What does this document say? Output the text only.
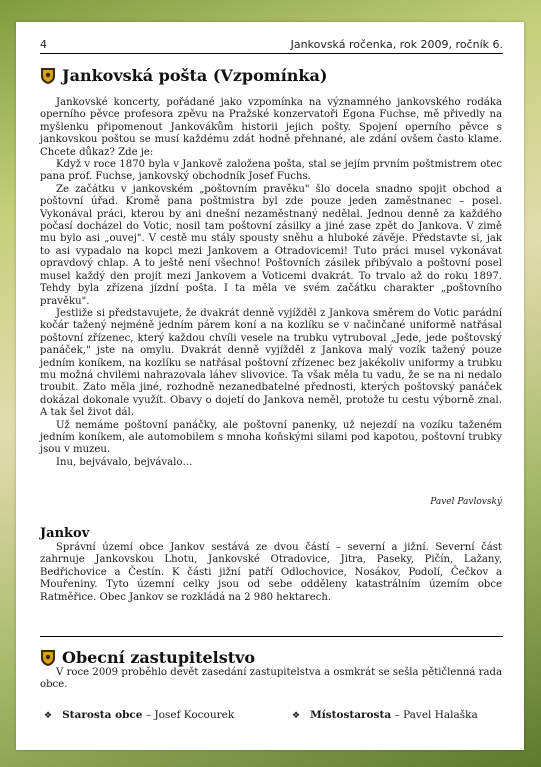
4	Jankovská ročenka, rok 2009, ročník 6.
Jankovská pošta (Vzpomínka)

Jankovské koncerty, pořádané jako vzpomínka na významného jankovského rodáka operního pěvce profesora zpěvu na Pražské konzervatoři Egona Fuchse, mě přivedly na myšlenku připomenout Jankovákům historii jejich pošty. Spojení operního pěvce s jankovskou poštou se musí každému zdát hodně přehnané, ale zdání ovšem často klame. Chcete důkaz? Zde je:

Když v roce 1870 byla v Jankově založena pošta, stal se jejím prvním poštmistrem otec pana prof. Fuchse, jankovský obchodník Josef Fuchs.

Ze začátku v jankovském „poštovním pravěku" šlo docela snadno spojit obchod a poštovní úřad. Kromě pana poštmistra byl zde pouze jeden zaměstnanec – posel. Vykonával práci, kterou by ani dnešní nezaměstnaný nedělal. Jednou denně za každého počasí docházel do Votic, nosil tam poštovní zásilky a jiné zase zpět do Jankova. V zimě mu bylo asi „ouvej". V cestě mu stály spousty sněhu a hluboké závěje. Představte si, jak to asi vypadalo na kopci mezi Jankovem a Otradovicemi! Tuto práci musel vykonávat opravdový chlap. A to ještě není všechno! Poštovních zásilek přibývalo a poštovní posel musel každý den projít mezi Jankovem a Voticemi dvakrát. To trvalo až do roku 1897. Tehdy byla zřízena jízdní pošta. I ta měla ve svém začátku charakter „poštovního pravěku".

Jestliže si představujete, že dvakrát denně vyjížděl z Jankova směrem do Votic parádní kočár tažený nejméně jedním párem koní a na kozlíku se v načinčané uniformě natřásal poštovní zřízenec, který každou chvíli vesele na trubku vytruboval „Jede, jede poštovský panáček," jste na omylu. Dvakrát denně vyjížděl z Jankova malý vozík tažený pouze jedním koníkem, na kozlíku se natřásal poštovní zřízenec bez jakékoliv uniformy a trubku mu možná chvilemi nahrazovala láhev slivovice. Ta však měla tu vadu, že se na ni nedalo troubit. Zato měla jiné, rozhodně nezanedbatelné přednosti, kterých poštovský panáček dokázal dokonale využít. Obavy o dojetí do Jankova neměl, protože tu cestu výborně znal. A tak šel život dál.

Už nemáme poštovní panáčky, ale poštovní panenky, už nejezdí na vozíku taženém jedním koníkem, ale automobilem s mnoha koňskými silami pod kapotou, poštovní trubky jsou v muzeu.

Inu, bejvávalo, bejvávalo…

Pavel Pavlovský
Jankov

Správní území obce Jankov sestává ze dvou částí – severní a jižní. Severní část zahrnuje Jankovskou Lhotu, Jankovské Otradovice, Jitra, Paseky, Pičín, Lažany, Bedřichovice a Čestín. K části jižní patří Odlochovice, Nosákov, Podolí, Čečkov a Mouřeniny. Tyto územní celky jsou od sebe odděleny katastrálním územím obce Ratměřice. Obec Jankov se rozkládá na 2 980 hektarech.

Obecní zastupitelstvo

V roce 2009 proběhlo devět zasedání zastupitelstva a osmkrát se sešla pětičlenná rada obce.

❖ Starosta obce – Josef Kocourek	❖ Místostarosta – Pavel Halaška
